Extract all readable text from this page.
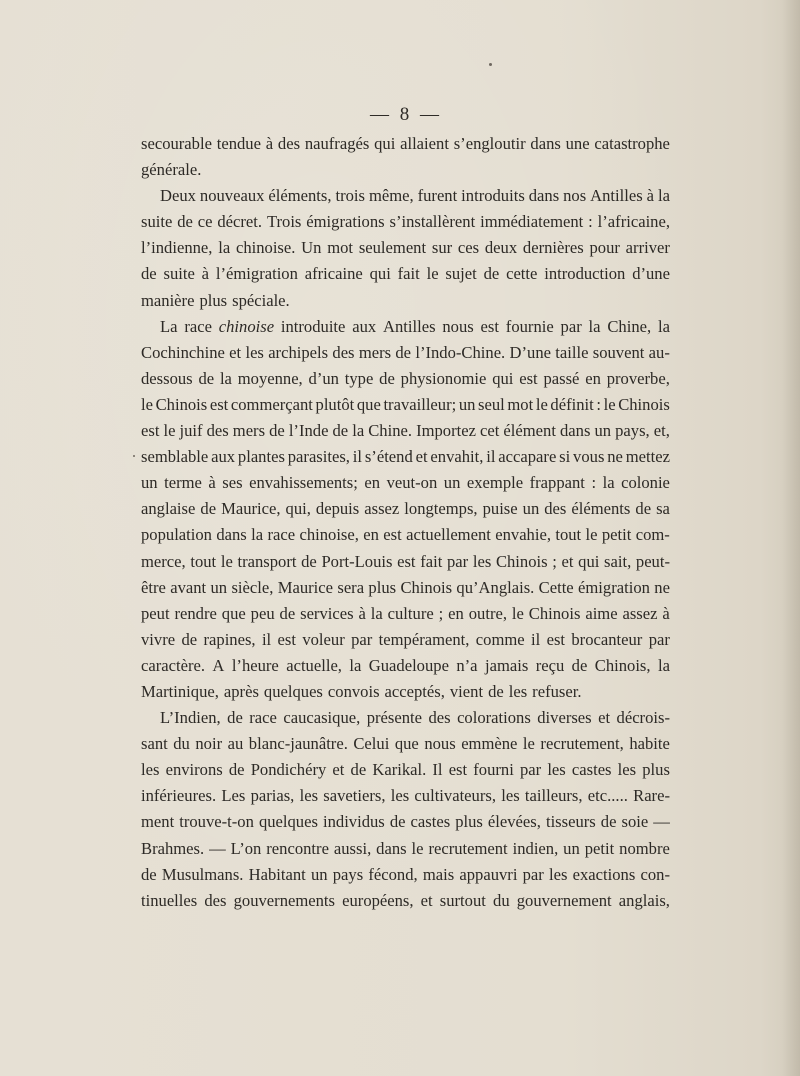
— 8 —
secourable tendue à des naufragés qui allaient s’engloutir dans une catastrophe
générale.
Deux nouveaux éléments, trois même, furent introduits dans nos Antilles à la
suite de ce décret. Trois émigrations s’installèrent immédiatement : l’africaine,
l’indienne, la chinoise. Un mot seulement sur ces deux dernières pour arriver
de suite à l’émigration africaine qui fait le sujet de cette introduction d’une
manière plus spéciale.
La race chinoise introduite aux Antilles nous est fournie par la Chine, la
Cochinchine et les archipels des mers de l’Indo-Chine. D’une taille souvent au-
dessous de la moyenne, d’un type de physionomie qui est passé en proverbe,
le Chinois est commerçant plutôt que travailleur; un seul mot le définit : le Chinois
est le juif des mers de l’Inde de la Chine. Importez cet élément dans un pays, et,
semblable aux plantes parasites, il s’étend et envahit, il accapare si vous ne mettez
un terme à ses envahissements; en veut-on un exemple frappant : la colonie
anglaise de Maurice, qui, depuis assez longtemps, puise un des éléments de sa
population dans la race chinoise, en est actuellement envahie, tout le petit com-
merce, tout le transport de Port-Louis est fait par les Chinois ; et qui sait, peut-
être avant un siècle, Maurice sera plus Chinois qu’Anglais. Cette émigration ne
peut rendre que peu de services à la culture ; en outre, le Chinois aime assez à
vivre de rapines, il est voleur par tempérament, comme il est brocanteur par
caractère. A l’heure actuelle, la Guadeloupe n’a jamais reçu de Chinois, la
Martinique, après quelques convois acceptés, vient de les refuser.
L’Indien, de race caucasique, présente des colorations diverses et décrois-
sant du noir au blanc-jaunâtre. Celui que nous emmène le recrutement, habite
les environs de Pondichéry et de Karikal. Il est fourni par les castes les plus
inférieures. Les parias, les savetiers, les cultivateurs, les tailleurs, etc..... Rare-
ment trouve-t-on quelques individus de castes plus élevées, tisseurs de soie —
Brahmes. — L’on rencontre aussi, dans le recrutement indien, un petit nombre
de Musulmans. Habitant un pays fécond, mais appauvri par les exactions con-
tinuelles des gouvernements européens, et surtout du gouvernement anglais,
